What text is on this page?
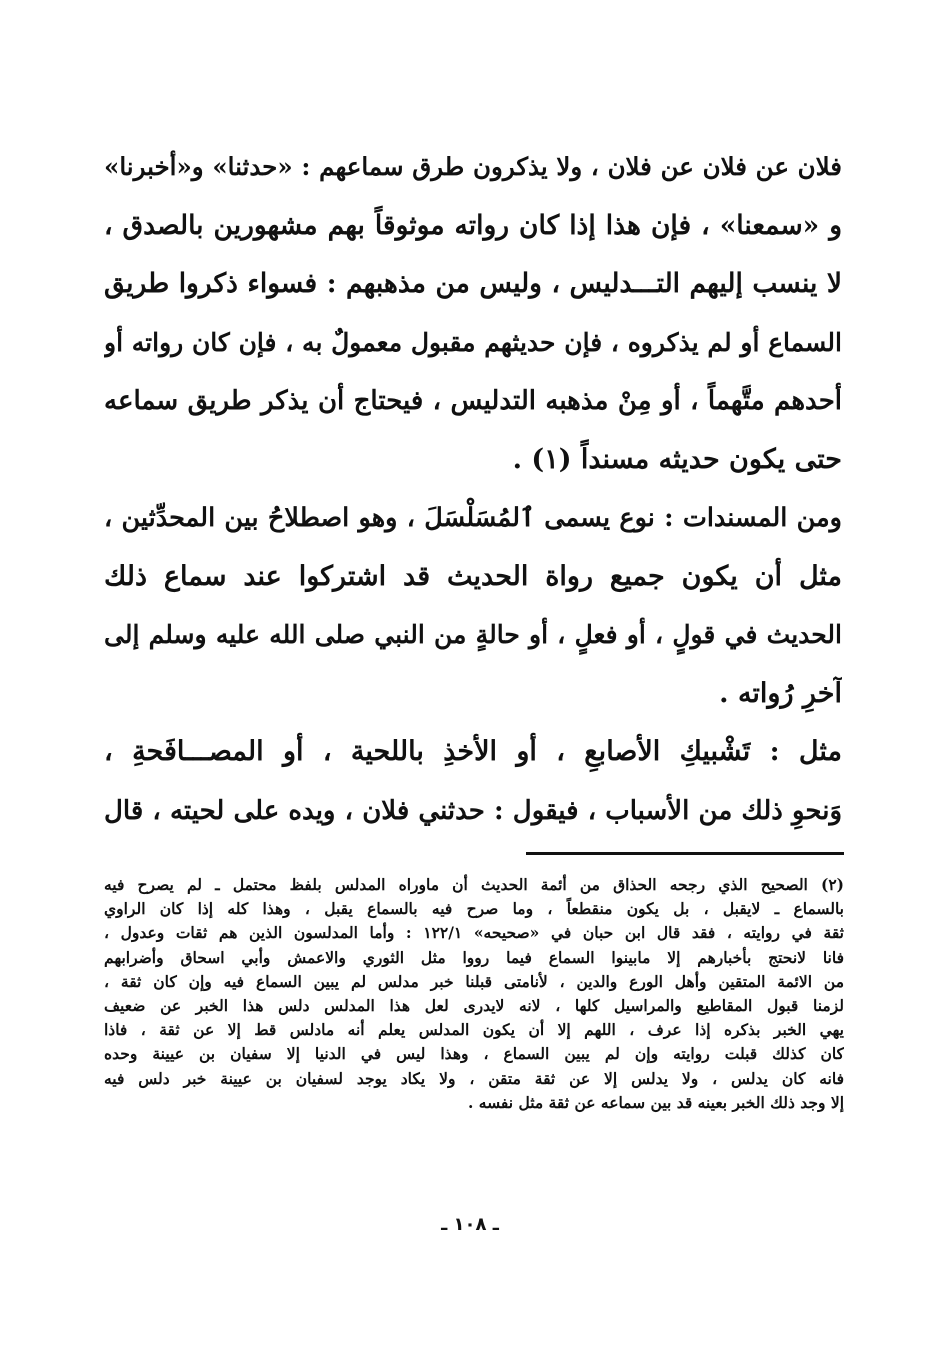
فلان عن فلان عن فلان ، ولا يذكرون طرق سماعهم : «حدثنا» و«أخبرنا»
و «سمعنا» ، فإن هذا إذا كان رواته موثوقاً بهم مشهورين بالصدق ،
لا ينسب إليهم التـــدليس ، وليس من مذهبهم : فسواء ذكروا طريق
السماع أو لم يذكروه ، فإن حديثهم مقبول معمولٌ به ، فإن كان رواته أو
أحدهم متَّهماً ، أو مِنْ مذهبه التدليس ، فيحتاج أن يذكر طريق سماعه
حتى يكون حديثه مسنداً (١) .
ومن المسندات : نوع يسمى ٱلمُسَلْسَلَ ، وهو اصطلاحُ بين المحدِّثين ،
مثل أن يكون جميع رواة الحديث قد اشتركوا عند سماع ذلك
الحديث في قولٍ ، أو فعلٍ ، أو حالةٍ من النبي صلى الله عليه وسلم إلى
آخرِ رُواته .
مثل : تَشْبيكِ الأصابعِ ، أو الأخذِ باللحية ، أو المصـــافَحةِ ،
وَنحوِ ذلك من الأسباب ، فيقول : حدثني فلان ، ويده على لحيته ، قال
(٢) الصحيح الذي رجحه الحذاق من أئمة الحديث أن ماوراه المدلس بلفظ محتمل ـ لم يصرح فيه
بالسماع ـ لايقبل ، بل يكون منقطعاً ، وما صرح فيه بالسماع يقبل ، وهذا كله إذا كان الراوي
ثقة في روايته ، فقد قال ابن حبان في «صحيحه» ١٢٢/١ : وأما المدلسون الذين هم ثقات وعدول ،
فانا لانحتج بأخبارهم إلا مابينوا السماع فيما رووا مثل الثوري والاعمش وأبي اسحاق وأضرابهم
من الائمة المتقين وأهل الورع والدين ، لأنامتى قبلنا خبر مدلس لم يبين السماع فيه وإن كان ثقة ،
لزمنا قبول المقاطيع والمراسيل كلها ، لانه لايدرى لعل هذا المدلس دلس هذا الخبر عن ضعيف
يهي الخبر بذكره إذا عرف ، اللهم إلا أن يكون المدلس يعلم أنه مادلس قط إلا عن ثقة ، فاذا
كان كذلك قبلت روايته وإن لم يبين السماع ، وهذا ليس في الدنيا إلا سفيان بن عيينة وحده
فانه كان يدلس ، ولا يدلس إلا عن ثقة متقن ، ولا يكاد يوجد لسفيان بن عيينة خبر دلس فيه
إلا وجد ذلك الخبر بعينه قد بين سماعه عن ثقة مثل نفسه .
ـ ١٠٨ ـ
